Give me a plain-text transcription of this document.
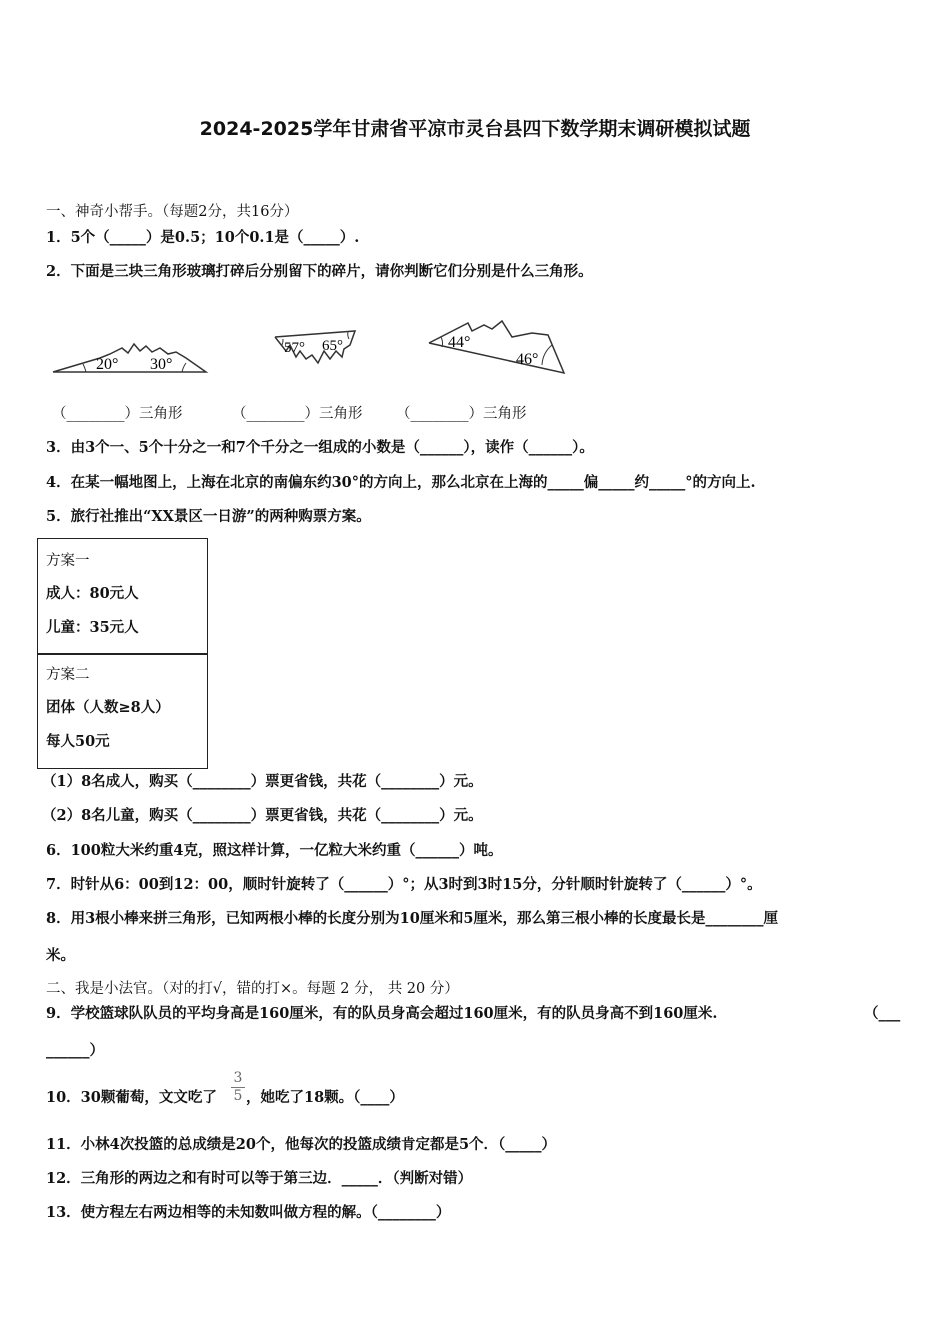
2024-2025学年甘肃省平凉市灵台县四下数学期末调研模拟试题
一、神奇小帮手。（每题2分，共16分）
1．5个（_____）是0.5；10个0.1是（_____）.
2．下面是三块三角形玻璃打碎后分别留下的碎片，请你判断它们分别是什么三角形。
20° 30°
57° 65°	44°
46°
（________）三角形	（________）三角形 （________）三角形
3．由3个一、5个十分之一和7个千分之一组成的小数是（______），读作（______）。
4．在某一幅地图上，上海在北京的南偏东约30°的方向上，那么北京在上海的_____偏_____约_____°的方向上.
5．旅行社推出“XX景区一日游”的两种购票方案。
方案一
成人：80元人
儿童：35元人
方案二
团体（人数≥8人）
每人50元
（1）8名成人，购买（________）票更省钱，共花（________）元。
（2）8名儿童，购买（________）票更省钱，共花（________）元。
6．100粒大米约重4克，照这样计算，一亿粒大米约重（______）吨。
7．时针从6：00到12：00，顺时针旋转了（______）°；从3时到3时15分，分针顺时针旋转了（______）°。
8．用3根小棒来拼三角形，已知两根小棒的长度分别为10厘米和5厘米，那么第三根小棒的长度最长是________厘
米。
二、我是小法官。（对的打√，错的打×。每题 2 分， 共 20 分）
9．学校篮球队队员的平均身高是160厘米，有的队员身高会超过160厘米，有的队员身高不到160厘米.	（___
______）
10．30颗葡萄，文文吃了
3
5 ，她吃了18颗。（____）
11．小林4次投篮的总成绩是20个，他每次的投篮成绩肯定都是5个．（_____）
12．三角形的两边之和有时可以等于第三边．_____．（判断对错）
13．使方程左右两边相等的未知数叫做方程的解。（________）
